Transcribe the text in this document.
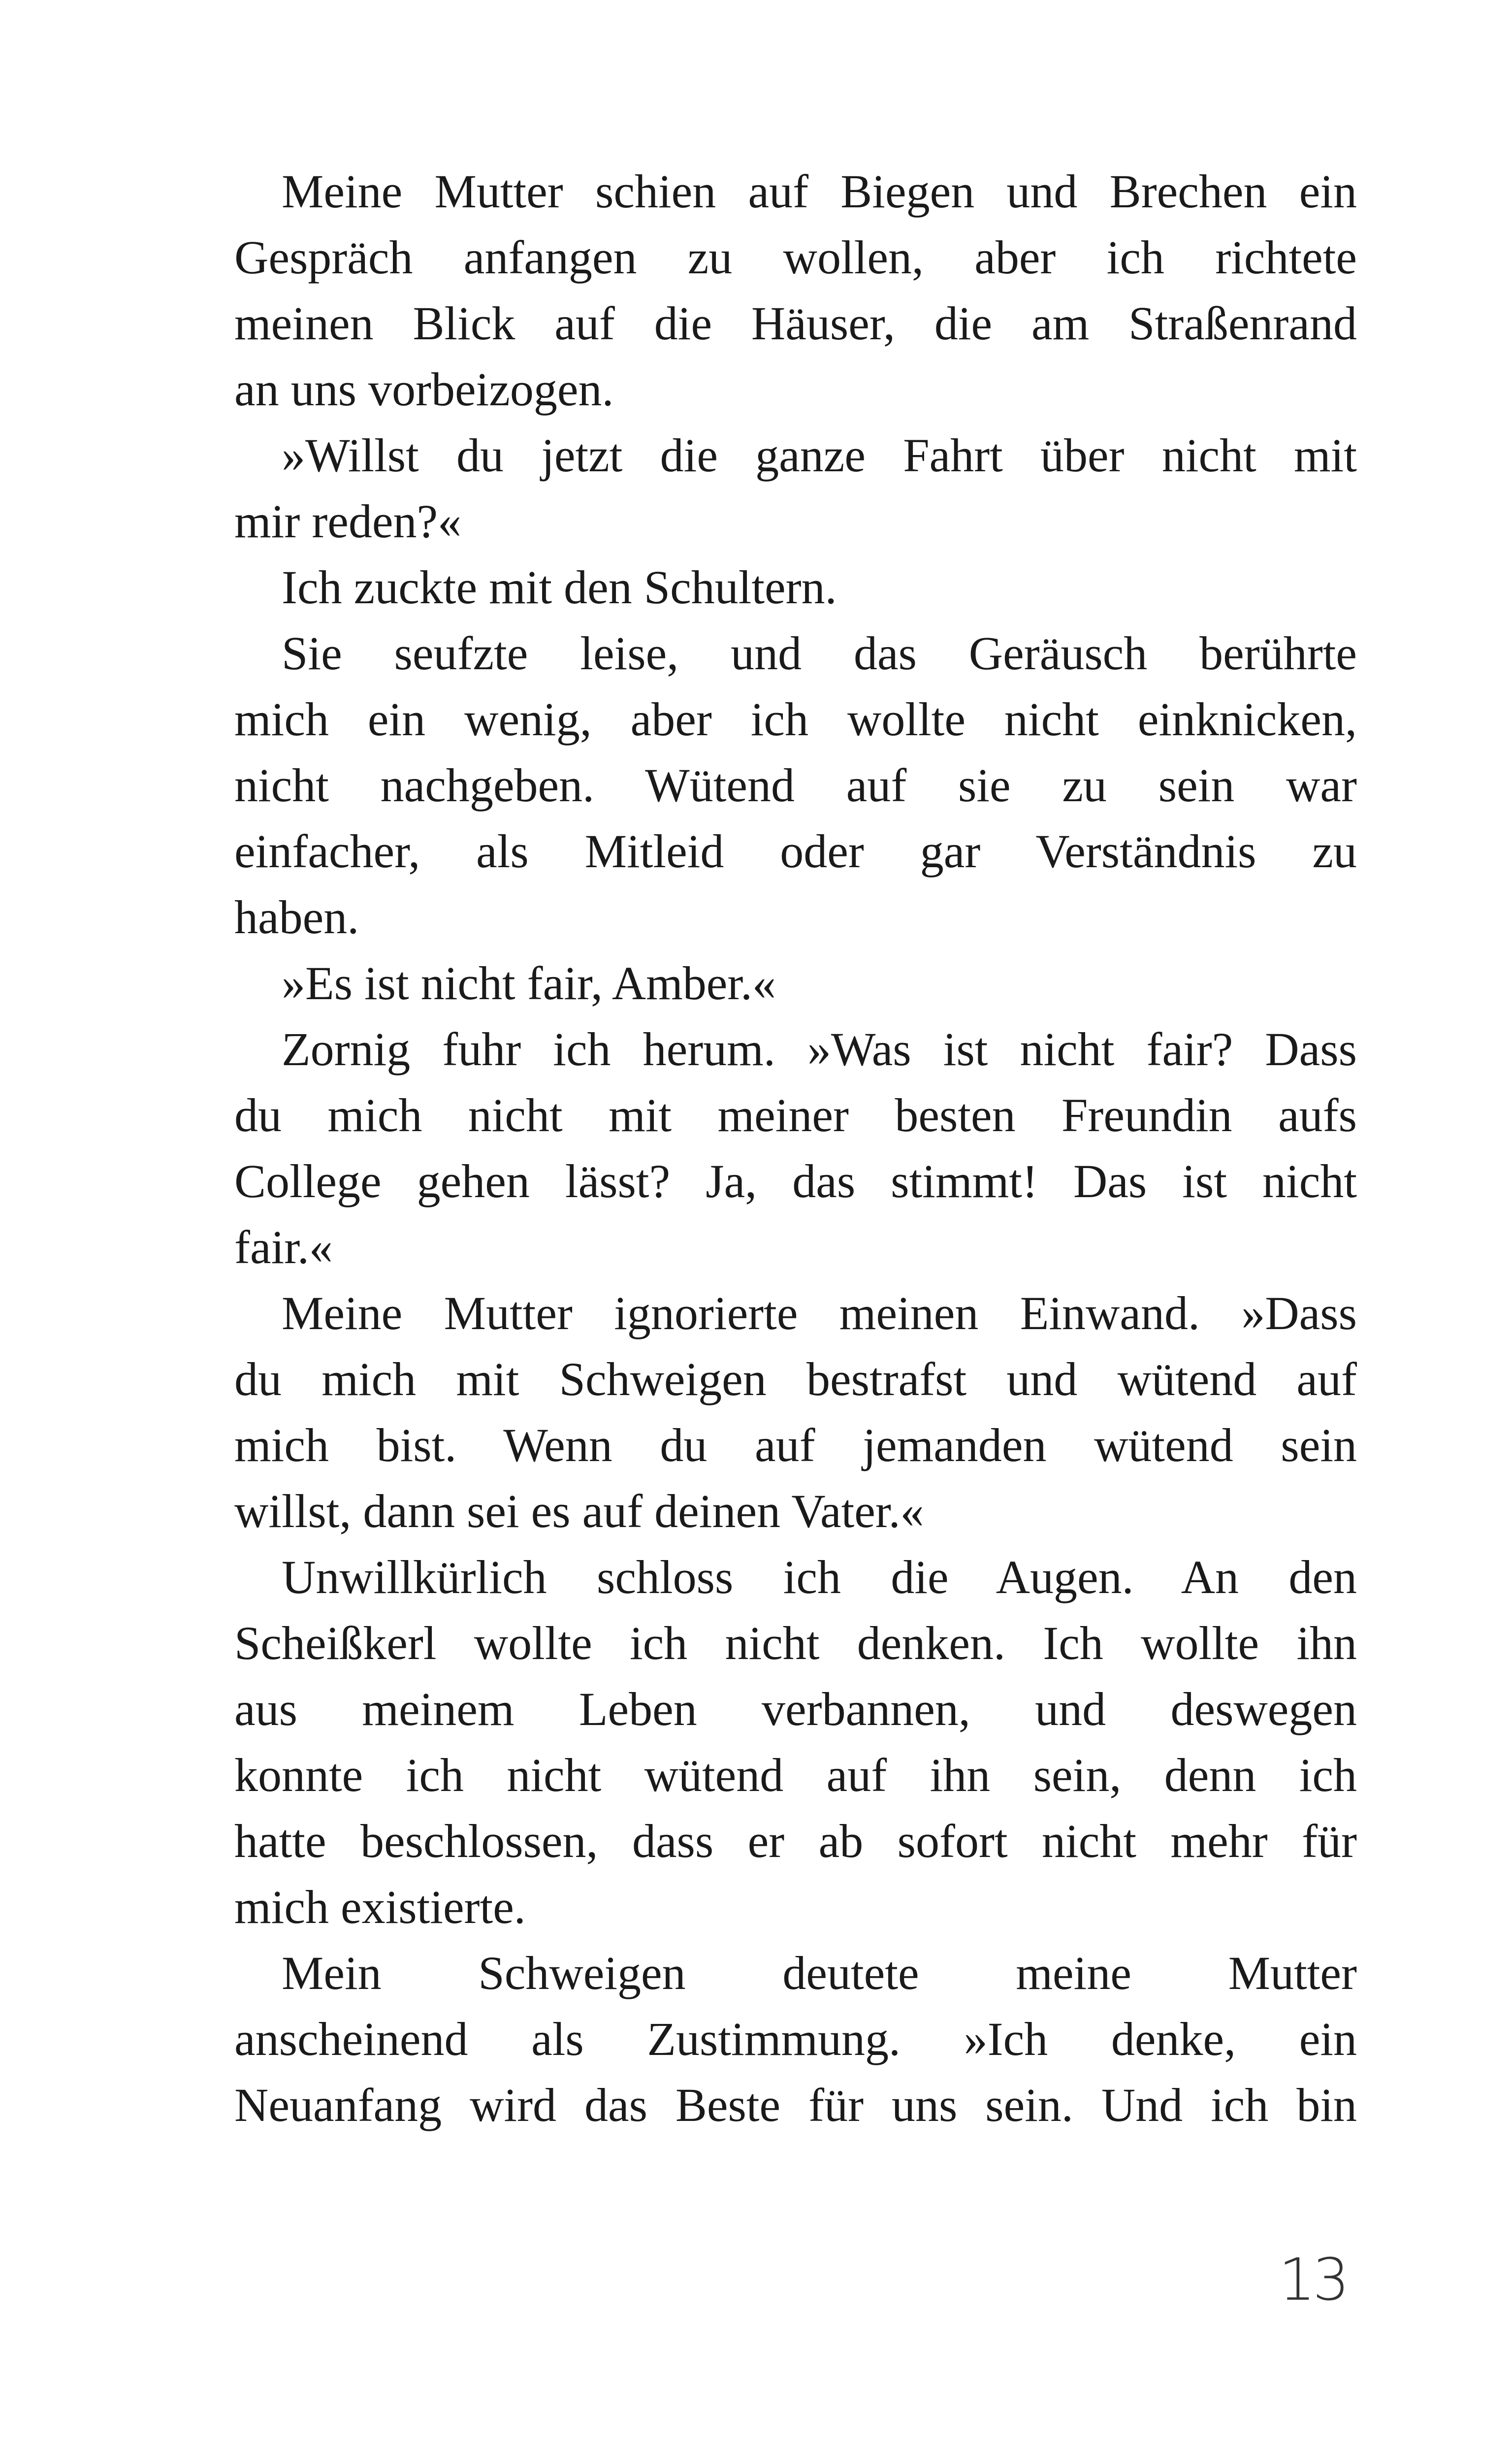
Meine Mutter schien auf Biegen und Brechen ein
Gespräch anfangen zu wollen, aber ich richtete
meinen Blick auf die Häuser, die am Straßenrand
an uns vorbeizogen.
»Willst du jetzt die ganze Fahrt über nicht mit
mir reden?«
Ich zuckte mit den Schultern.
Sie seufzte leise, und das Geräusch berührte
mich ein wenig, aber ich wollte nicht einknicken,
nicht nachgeben. Wütend auf sie zu sein war
einfacher, als Mitleid oder gar Verständnis zu
haben.
»Es ist nicht fair, Amber.«
Zornig fuhr ich herum. »Was ist nicht fair? Dass
du mich nicht mit meiner besten Freundin aufs
College gehen lässt? Ja, das stimmt! Das ist nicht
fair.«
Meine Mutter ignorierte meinen Einwand. »Dass
du mich mit Schweigen bestrafst und wütend auf
mich bist. Wenn du auf jemanden wütend sein
willst, dann sei es auf deinen Vater.«
Unwillkürlich schloss ich die Augen. An den
Scheißkerl wollte ich nicht denken. Ich wollte ihn
aus meinem Leben verbannen, und deswegen
konnte ich nicht wütend auf ihn sein, denn ich
hatte beschlossen, dass er ab sofort nicht mehr für
mich existierte.
Mein Schweigen deutete meine Mutter
anscheinend als Zustimmung. »Ich denke, ein
Neuanfang wird das Beste für uns sein. Und ich bin
13
